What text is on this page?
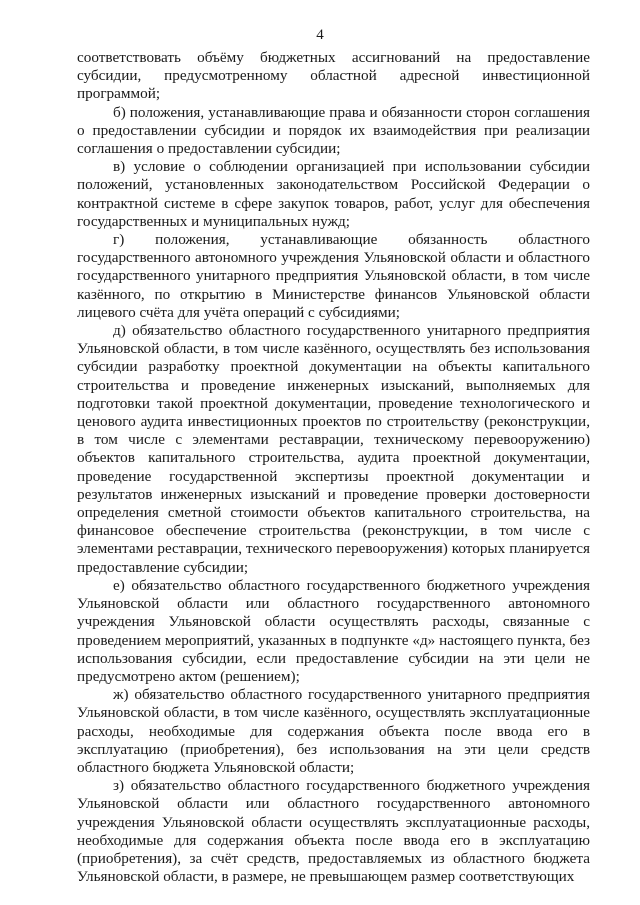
4

соответствовать объёму бюджетных ассигнований на предоставление субсидии, предусмотренному областной адресной инвестиционной программой;

б) положения, устанавливающие права и обязанности сторон соглашения о предоставлении субсидии и порядок их взаимодействия при реализации соглашения о предоставлении субсидии;

в) условие о соблюдении организацией при использовании субсидии положений, установленных законодательством Российской Федерации о контрактной системе в сфере закупок товаров, работ, услуг для обеспечения государственных и муниципальных нужд;

г) положения, устанавливающие обязанность областного государственного автономного учреждения Ульяновской области и областного государственного унитарного предприятия Ульяновской области, в том числе казённого, по открытию в Министерстве финансов Ульяновской области лицевого счёта для учёта операций с субсидиями;

д) обязательство областного государственного унитарного предприятия Ульяновской области, в том числе казённого, осуществлять без использования субсидии разработку проектной документации на объекты капитального строительства и проведение инженерных изысканий, выполняемых для подготовки такой проектной документации, проведение технологического и ценового аудита инвестиционных проектов по строительству (реконструкции, в том числе с элементами реставрации, техническому перевооружению) объектов капитального строительства, аудита проектной документации, проведение государственной экспертизы проектной документации и результатов инженерных изысканий и проведение проверки достоверности определения сметной стоимости объектов капитального строительства, на финансовое обеспечение строительства (реконструкции, в том числе с элементами реставрации, технического перевооружения) которых планируется предоставление субсидии;

е) обязательство областного государственного бюджетного учреждения Ульяновской области или областного государственного автономного учреждения Ульяновской области осуществлять расходы, связанные с проведением мероприятий, указанных в подпункте «д» настоящего пункта, без использования субсидии, если предоставление субсидии на эти цели не предусмотрено актом (решением);

ж) обязательство областного государственного унитарного предприятия Ульяновской области, в том числе казённого, осуществлять эксплуатационные расходы, необходимые для содержания объекта после ввода его в эксплуатацию (приобретения), без использования на эти цели средств областного бюджета Ульяновской области;

з) обязательство областного государственного бюджетного учреждения Ульяновской области или областного государственного автономного учреждения Ульяновской области осуществлять эксплуатационные расходы, необходимые для содержания объекта после ввода его в эксплуатацию (приобретения), за счёт средств, предоставляемых из областного бюджета Ульяновской области, в размере, не превышающем размер соответствующих
